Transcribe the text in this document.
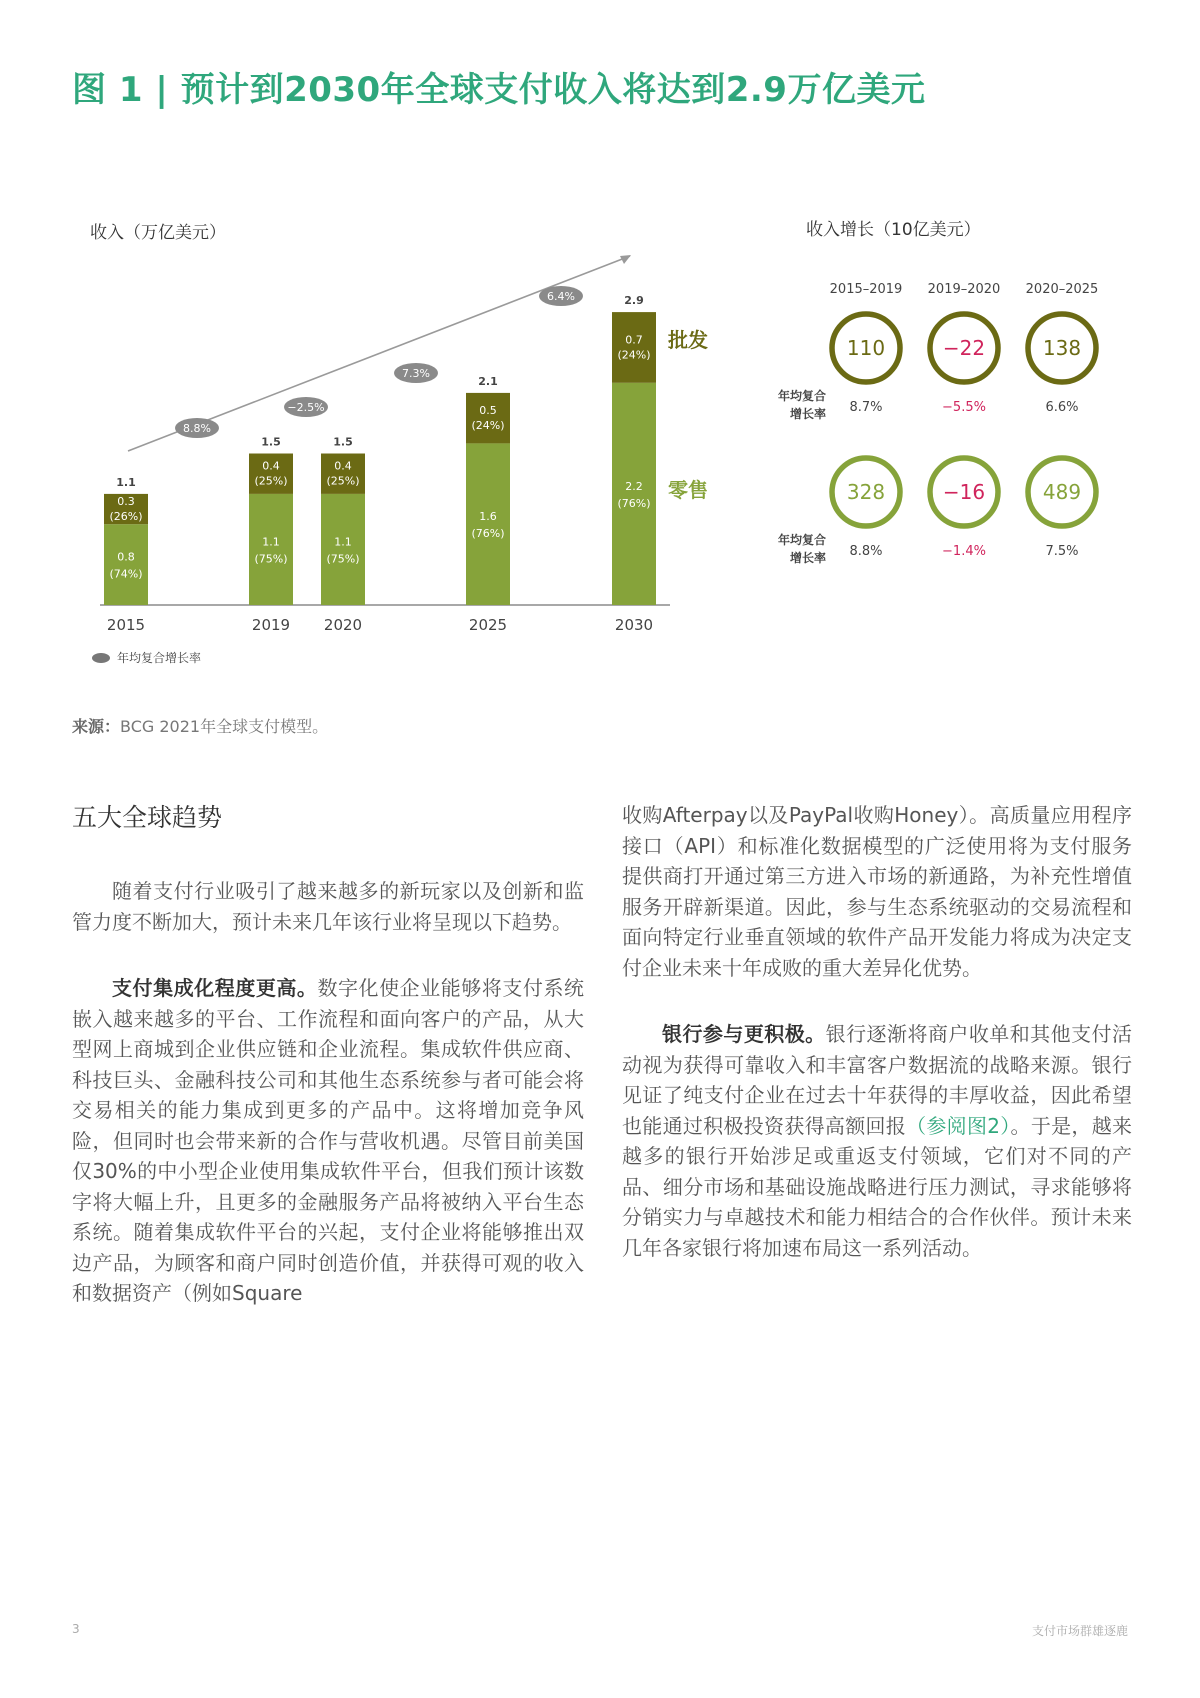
图 1 | 预计到2030年全球支付收入将达到2.9万亿美元
收入（万亿美元）	收入增长（10亿美元）
8.8%
−2.5%
7.3%
6.4%
0.8
(74%)
0.3
(26%)
1.1
2015
1.1
(75%)
0.4
(25%)
1.5
2019
1.1
(75%)
0.4
(25%)
1.5
2020
1.6
(76%)
0.5
(24%)
2.1
2025
2.2
(76%)
0.7
(24%)
2.9
2030
批发
零售
年均复合增长率
2015–2019 2019–2020 2020–2025
110	−22	138
年均复合
增长率 8.7%	−5.5%	6.6%
328	−16	489
年均复合
增长率 8.8%	−1.4%	7.5%
来源：BCG 2021年全球支付模型。
五大全球趋势

随着支付行业吸引了越来越多的新玩家以及创新和监管力度不断加大，预计未来几年该行业将呈现以下趋势。

支付集成化程度更高。数字化使企业能够将支付系统嵌入越来越多的平台、工作流程和面向客户的产品，从大型网上商城到企业供应链和企业流程。集成软件供应商、科技巨头、金融科技公司和其他生态系统参与者可能会将交易相关的能力集成到更多的产品中。这将增加竞争风险，但同时也会带来新的合作与营收机遇。尽管目前美国仅30%的中小型企业使用集成软件平台，但我们预计该数字将大幅上升，且更多的金融服务产品将被纳入平台生态系统。随着集成软件平台的兴起，支付企业将能够推出双边产品，为顾客和商户同时创造价值，并获得可观的收入和数据资产（例如Square

收购Afterpay以及PayPal收购Honey）。高质量应用程序接口（API）和标准化数据模型的广泛使用将为支付服务提供商打开通过第三方进入市场的新通路，为补充性增值服务开辟新渠道。因此，参与生态系统驱动的交易流程和面向特定行业垂直领域的软件产品开发能力将成为决定支付企业未来十年成败的重大差异化优势。

银行参与更积极。银行逐渐将商户收单和其他支付活动视为获得可靠收入和丰富客户数据流的战略来源。银行见证了纯支付企业在过去十年获得的丰厚收益，因此希望也能通过积极投资获得高额回报（参阅图2）。于是，越来越多的银行开始涉足或重返支付领域，它们对不同的产品、细分市场和基础设施战略进行压力测试，寻求能够将分销实力与卓越技术和能力相结合的合作伙伴。预计未来几年各家银行将加速布局这一系列活动。

3	支付市场群雄逐鹿
